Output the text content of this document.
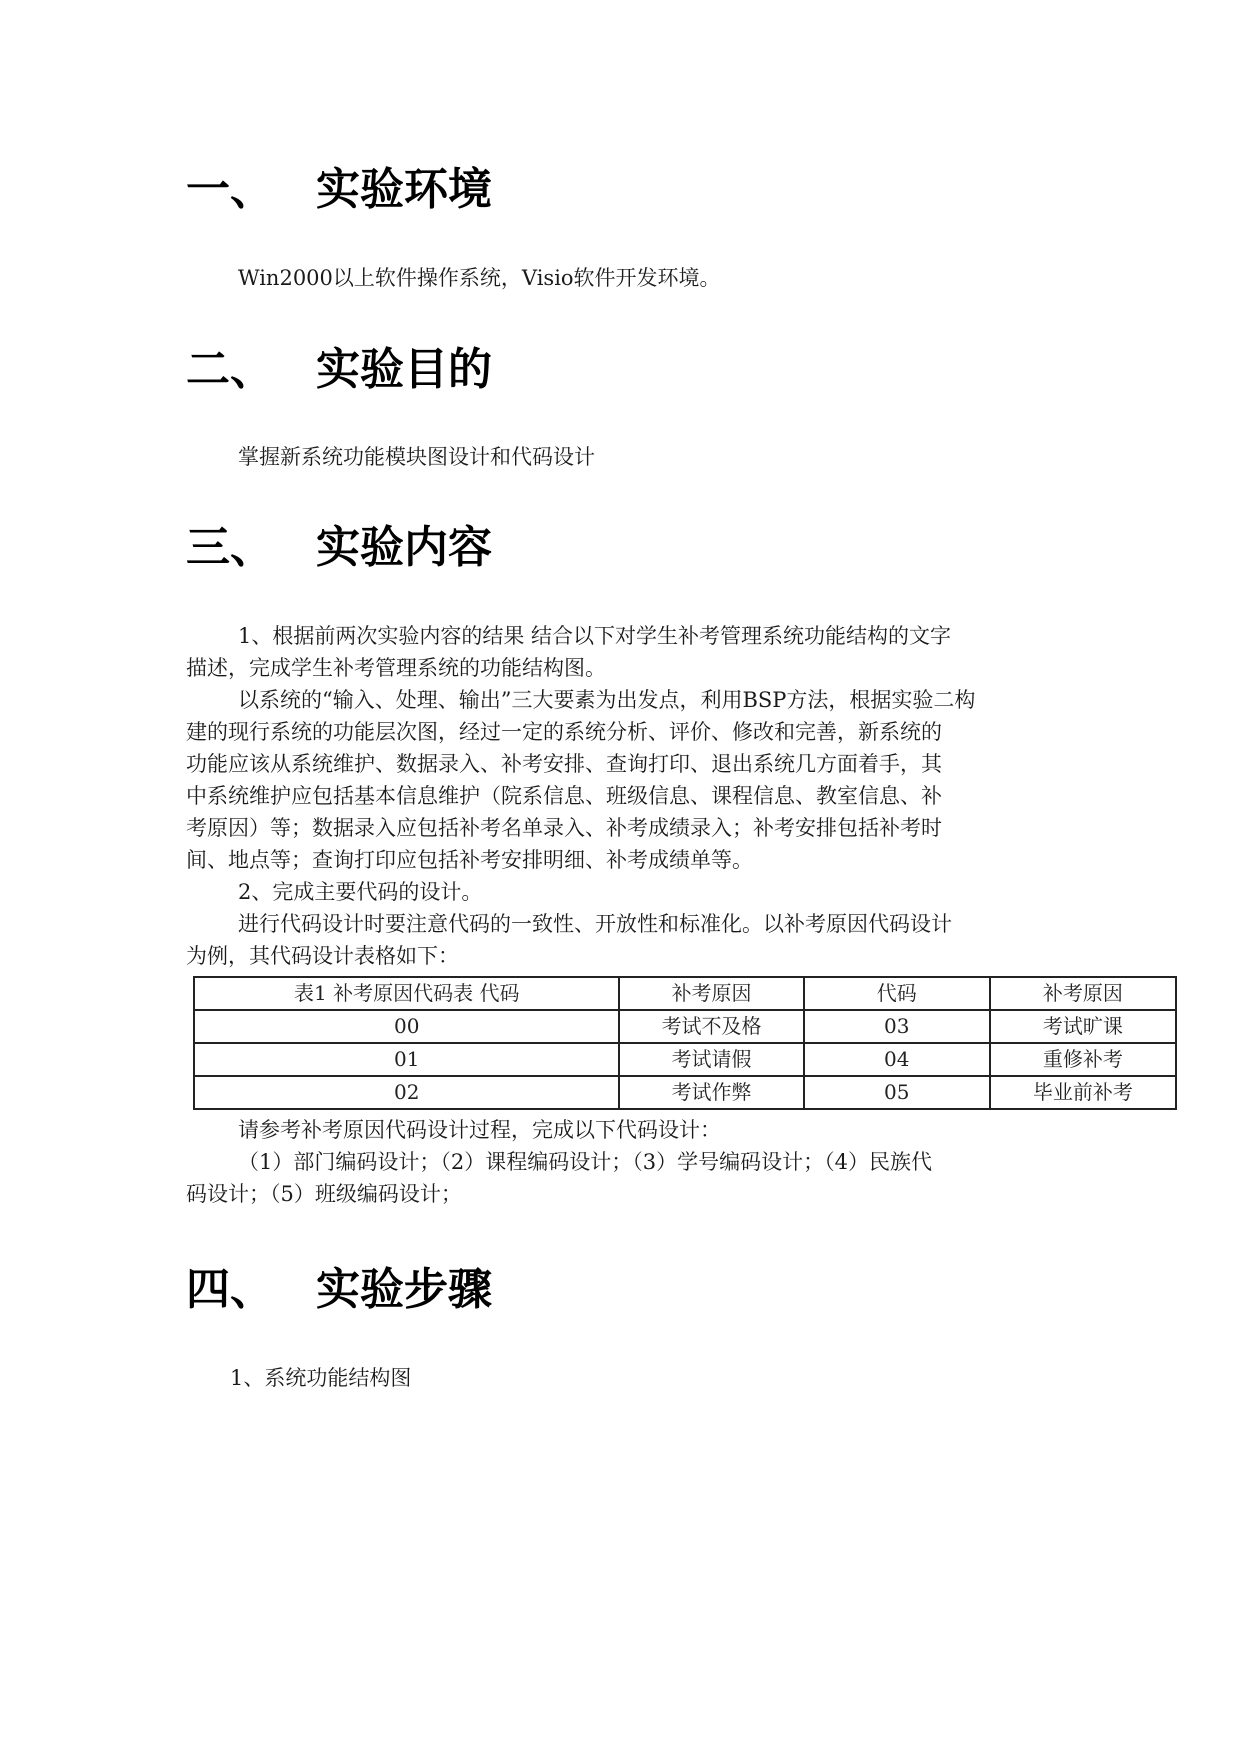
一、 实验环境
Win2000以上软件操作系统，Visio软件开发环境。
二、 实验目的
掌握新系统功能模块图设计和代码设计
三、 实验内容
1、根据前两次实验内容的结果 结合以下对学生补考管理系统功能结构的文字
描述，完成学生补考管理系统的功能结构图。
以系统的“输入、处理、输出”三大要素为出发点，利用BSP方法，根据实验二构
建的现行系统的功能层次图，经过一定的系统分析、评价、修改和完善，新系统的
功能应该从系统维护、数据录入、补考安排、查询打印、退出系统几方面着手，其
中系统维护应包括基本信息维护（院系信息、班级信息、课程信息、教室信息、补
考原因）等；数据录入应包括补考名单录入、补考成绩录入；补考安排包括补考时
间、地点等；查询打印应包括补考安排明细、补考成绩单等。
2、完成主要代码的设计。
进行代码设计时要注意代码的一致性、开放性和标准化。以补考原因代码设计
为例，其代码设计表格如下：
表1 补考原因代码表 代码	补考原因	代码	补考原因
00	考试不及格	03	考试旷课
01	考试请假	04	重修补考
02	考试作弊	05	毕业前补考
请参考补考原因代码设计过程，完成以下代码设计：
（1）部门编码设计；（2）课程编码设计；（3）学号编码设计；（4）民族代
码设计；（5）班级编码设计；
四、 实验步骤
1、系统功能结构图
